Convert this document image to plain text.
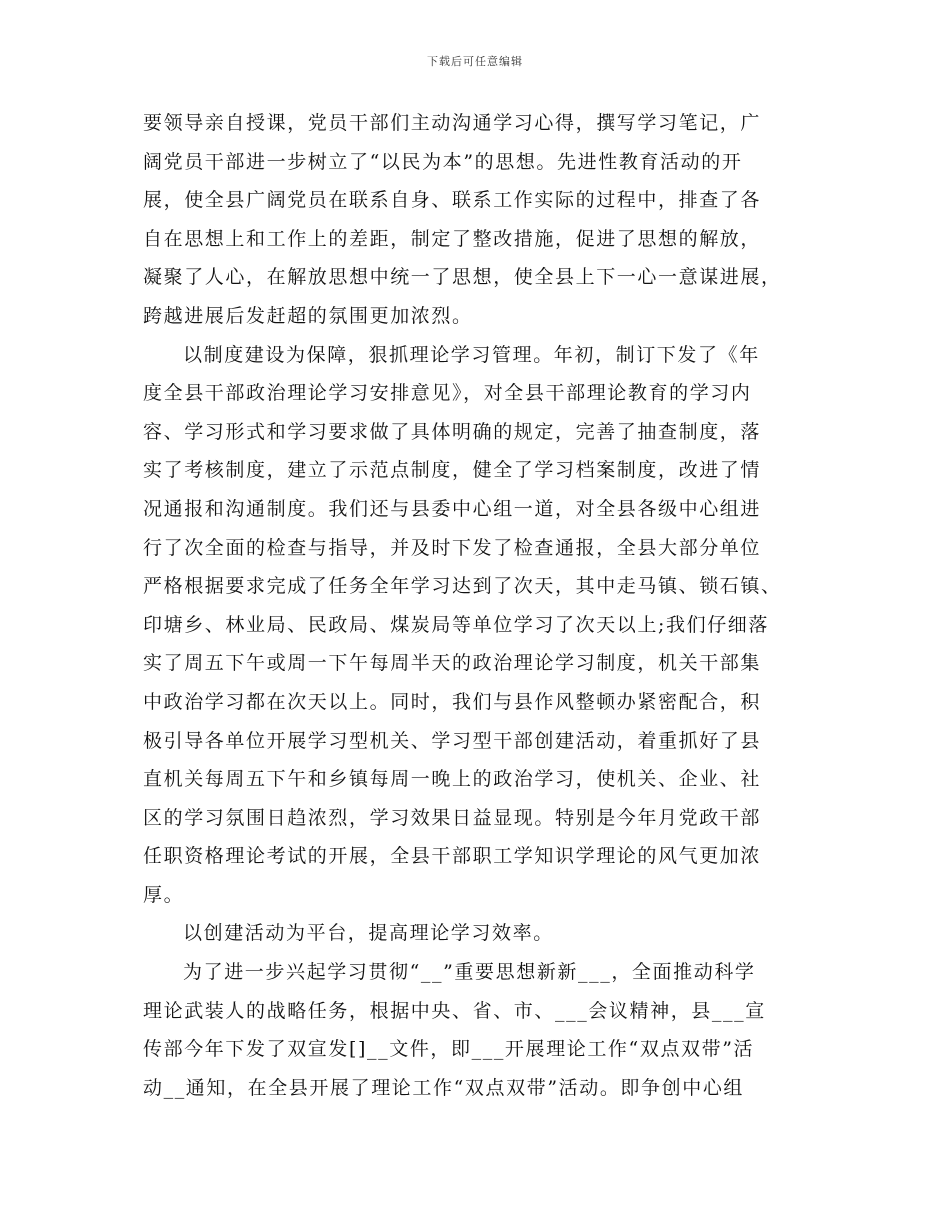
下载后可任意编辑
要领导亲自授课，党员干部们主动沟通学习心得，撰写学习笔记，广
阔党员干部进一步树立了“以民为本”的思想。先进性教育活动的开
展，使全县广阔党员在联系自身、联系工作实际的过程中，排查了各
自在思想上和工作上的差距，制定了整改措施，促进了思想的解放，
凝聚了人心，在解放思想中统一了思想，使全县上下一心一意谋进展，
跨越进展后发赶超的氛围更加浓烈。
以制度建设为保障，狠抓理论学习管理。年初，制订下发了《年
度全县干部政治理论学习安排意见》，对全县干部理论教育的学习内
容、学习形式和学习要求做了具体明确的规定，完善了抽查制度，落
实了考核制度，建立了示范点制度，健全了学习档案制度，改进了情
况通报和沟通制度。我们还与县委中心组一道，对全县各级中心组进
行了次全面的检查与指导，并及时下发了检查通报，全县大部分单位
严格根据要求完成了任务全年学习达到了次天，其中走马镇、锁石镇、
印塘乡、林业局、民政局、煤炭局等单位学习了次天以上;我们仔细落
实了周五下午或周一下午每周半天的政治理论学习制度，机关干部集
中政治学习都在次天以上。同时，我们与县作风整顿办紧密配合，积
极引导各单位开展学习型机关、学习型干部创建活动，着重抓好了县
直机关每周五下午和乡镇每周一晚上的政治学习，使机关、企业、社
区的学习氛围日趋浓烈，学习效果日益显现。特别是今年月党政干部
任职资格理论考试的开展，全县干部职工学知识学理论的风气更加浓
厚。
以创建活动为平台，提高理论学习效率。
为了进一步兴起学习贯彻“__”重要思想新新___，全面推动科学
理论武装人的战略任务，根据中央、省、市、___会议精神，县___宣
传部今年下发了双宣发[]__文件，即___开展理论工作“双点双带”活
动__通知，在全县开展了理论工作“双点双带”活动。即争创中心组
